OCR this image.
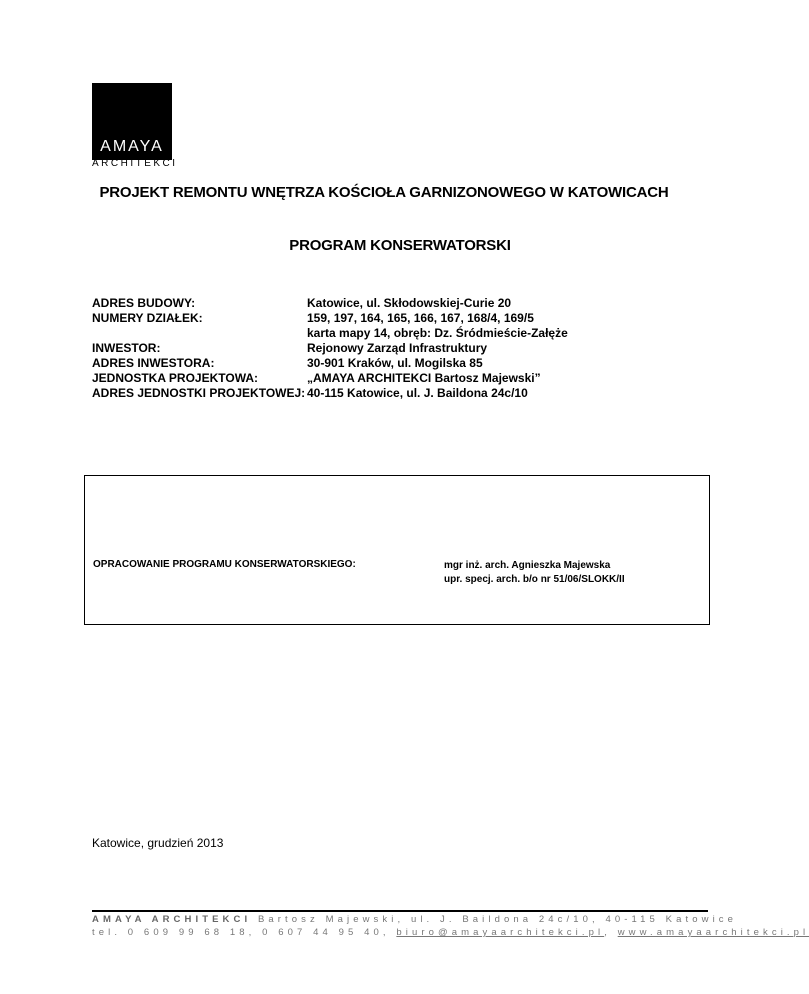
AMAYA
ARCHITEKCI
PROJEKT REMONTU WNĘTRZA KOŚCIOŁA GARNIZONOWEGO W KATOWICACH
PROGRAM KONSERWATORSKI
ADRES BUDOWY:
NUMERY DZIAŁEK:
INWESTOR:
ADRES INWESTORA:
JEDNOSTKA PROJEKTOWA:
ADRES JEDNOSTKI PROJEKTOWEJ:
Katowice, ul. Skłodowskiej-Curie 20
159, 197, 164, 165, 166, 167, 168/4, 169/5
karta mapy 14, obręb: Dz. Śródmieście-Załęże
Rejonowy Zarząd Infrastruktury
30-901 Kraków, ul. Mogilska 85
„AMAYA ARCHITEKCI Bartosz Majewski”
40-115 Katowice, ul. J. Baildona 24c/10
OPRACOWANIE PROGRAMU KONSERWATORSKIEGO:	mgr inż. arch. Agnieszka Majewska
upr. specj. arch. b/o nr 51/06/SLOKK/II
Katowice, grudzień 2013
AMAYA ARCHITEKCI Bartosz Majewski, ul. J. Baildona 24c/10, 40-115 Katowice
tel. 0 609 99 68 18, 0 607 44 95 40, biuro@amayaarchitekci.pl, www.amayaarchitekci.pl
